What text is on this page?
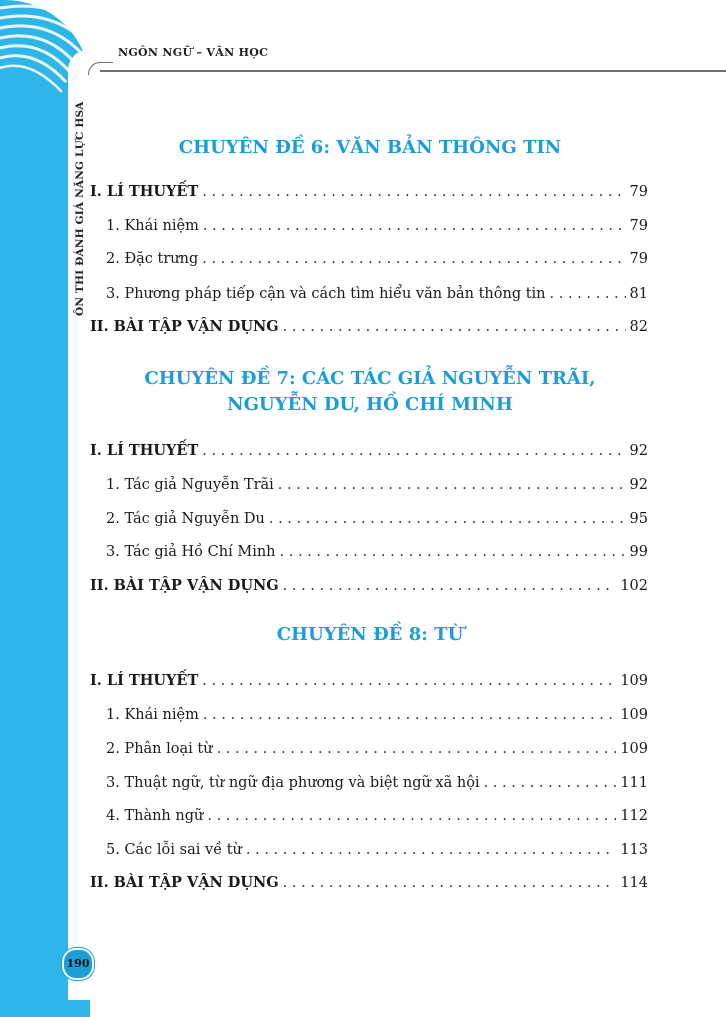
NGÔN NGỮ – VĂN HỌC
ÔN THI ĐÁNH GIÁ NĂNG LỰC HSA
190
CHUYÊN ĐỀ 6: VĂN BẢN THÔNG TIN
I. LÍ THUYẾT . . .	79
1. Khái niệm . . .	79
2. Đặc trưng . . .	79
3. Phương pháp tiếp cận và cách tìm hiểu văn bản thông tin . . .	81
II. BÀI TẬP VẬN DỤNG . . .	82
CHUYÊN ĐỀ 7: CÁC TÁC GIẢ NGUYỄN TRÃI,
NGUYỄN DU, HỒ CHÍ MINH
I. LÍ THUYẾT . . .	92
1. Tác giả Nguyễn Trãi . . .	92
2. Tác giả Nguyễn Du . . .	95
3. Tác giả Hồ Chí Minh . . .	99
II. BÀI TẬP VẬN DỤNG . . .	102
CHUYÊN ĐỀ 8: TỪ
I. LÍ THUYẾT . . .	109
1. Khái niệm . . .	109
2. Phân loại từ . . .	109
3. Thuật ngữ, từ ngữ địa phương và biệt ngữ xã hội . . .	111
4. Thành ngữ . . .	112
5. Các lỗi sai về từ . . .	113
II. BÀI TẬP VẬN DỤNG . . .	114
